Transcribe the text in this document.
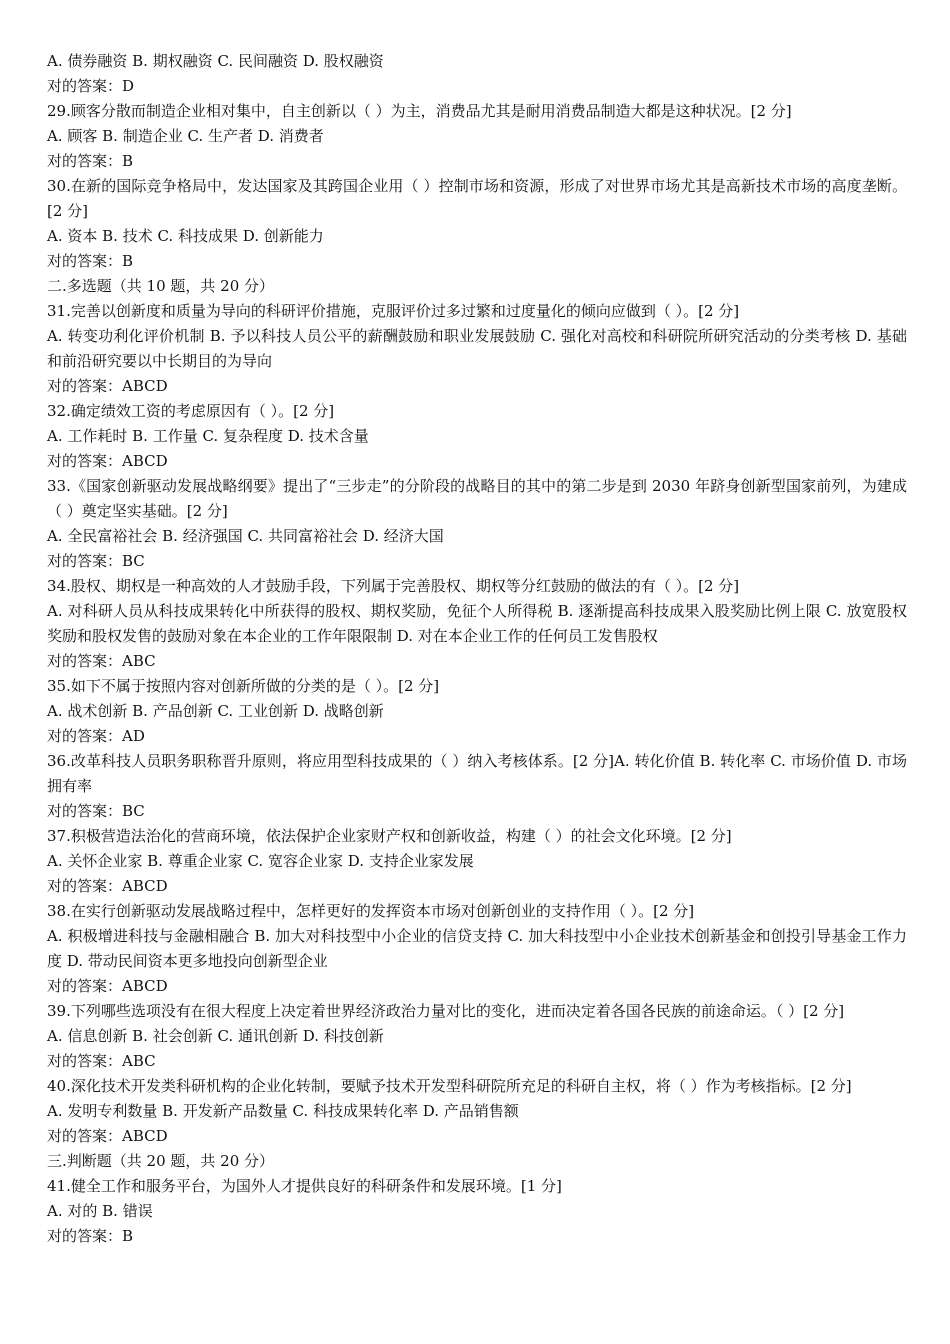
A. 债券融资 B. 期权融资 C. 民间融资 D. 股权融资
对的答案：D
29.顾客分散而制造企业相对集中，自主创新以（ ）为主，消费品尤其是耐用消费品制造大都是这种状况。[2 分]
A. 顾客 B. 制造企业 C. 生产者 D. 消费者
对的答案：B
30.在新的国际竞争格局中，发达国家及其跨国企业用（ ）控制市场和资源，形成了对世界市场尤其是高新技术市场的高度垄断。[2 分]
A. 资本 B. 技术 C. 科技成果 D. 创新能力
对的答案：B
二.多选题（共 10 题，共 20 分）
31.完善以创新度和质量为导向的科研评价措施，克服评价过多过繁和过度量化的倾向应做到（ ）。[2 分]
A. 转变功利化评价机制 B. 予以科技人员公平的薪酬鼓励和职业发展鼓励 C. 强化对高校和科研院所研究活动的分类考核 D. 基础和前沿研究要以中长期目的为导向
对的答案：ABCD
32.确定绩效工资的考虑原因有（ ）。[2 分]
A. 工作耗时 B. 工作量 C. 复杂程度 D. 技术含量
对的答案：ABCD
33.《国家创新驱动发展战略纲要》提出了“三步走”的分阶段的战略目的其中的第二步是到 2030 年跻身创新型国家前列，为建成（ ）奠定坚实基础。[2 分]
A. 全民富裕社会 B. 经济强国 C. 共同富裕社会 D. 经济大国
对的答案：BC
34.股权、期权是一种高效的人才鼓励手段，下列属于完善股权、期权等分红鼓励的做法的有（ ）。[2 分]
A. 对科研人员从科技成果转化中所获得的股权、期权奖励，免征个人所得税 B. 逐渐提高科技成果入股奖励比例上限 C. 放宽股权奖励和股权发售的鼓励对象在本企业的工作年限限制 D. 对在本企业工作的任何员工发售股权
对的答案：ABC
35.如下不属于按照内容对创新所做的分类的是（ ）。[2 分]
A. 战术创新 B. 产品创新 C. 工业创新 D. 战略创新
对的答案：AD
36.改革科技人员职务职称晋升原则，将应用型科技成果的（ ）纳入考核体系。[2 分]A. 转化价值 B. 转化率 C. 市场价值 D. 市场拥有率
对的答案：BC
37.积极营造法治化的营商环境，依法保护企业家财产权和创新收益，构建（ ）的社会文化环境。[2 分]
A. 关怀企业家 B. 尊重企业家 C. 宽容企业家 D. 支持企业家发展
对的答案：ABCD
38.在实行创新驱动发展战略过程中，怎样更好的发挥资本市场对创新创业的支持作用（ ）。[2 分]
A. 积极增进科技与金融相融合 B. 加大对科技型中小企业的信贷支持 C. 加大科技型中小企业技术创新基金和创投引导基金工作力度 D. 带动民间资本更多地投向创新型企业
对的答案：ABCD
39.下列哪些选项没有在很大程度上决定着世界经济政治力量对比的变化，进而决定着各国各民族的前途命运。（ ）[2 分]
A. 信息创新 B. 社会创新 C. 通讯创新 D. 科技创新
对的答案：ABC
40.深化技术开发类科研机构的企业化转制，要赋予技术开发型科研院所充足的科研自主权，将（ ）作为考核指标。[2 分]
A. 发明专利数量 B. 开发新产品数量 C. 科技成果转化率 D. 产品销售额
对的答案：ABCD
三.判断题（共 20 题，共 20 分）
41.健全工作和服务平台，为国外人才提供良好的科研条件和发展环境。[1 分]
A. 对的 B. 错误
对的答案：B
